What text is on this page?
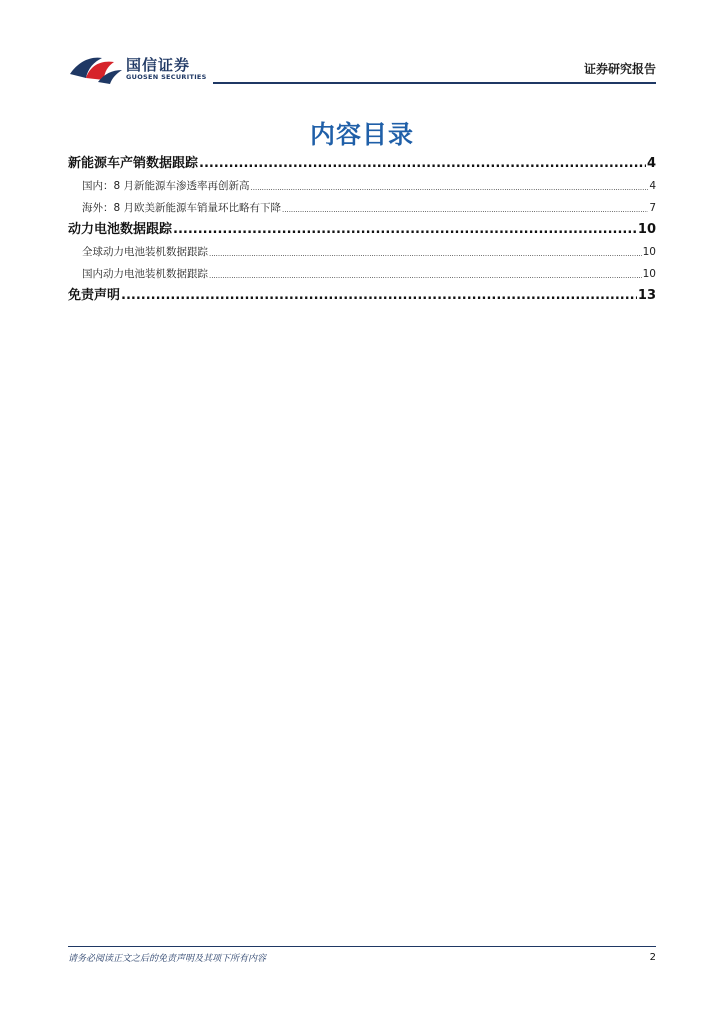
国信证券
GUOSEN SECURITIES
证券研究报告
内容目录
新能源车产销数据跟踪 .....	4
国内：8 月新能源车渗透率再创新高 .....	4
海外：8 月欧美新能源车销量环比略有下降 .....	7
动力电池数据跟踪 .....	10
全球动力电池装机数据跟踪 .....	10
国内动力电池装机数据跟踪 .....	10
免责声明 .....	13
请务必阅读正文之后的免责声明及其项下所有内容	2
